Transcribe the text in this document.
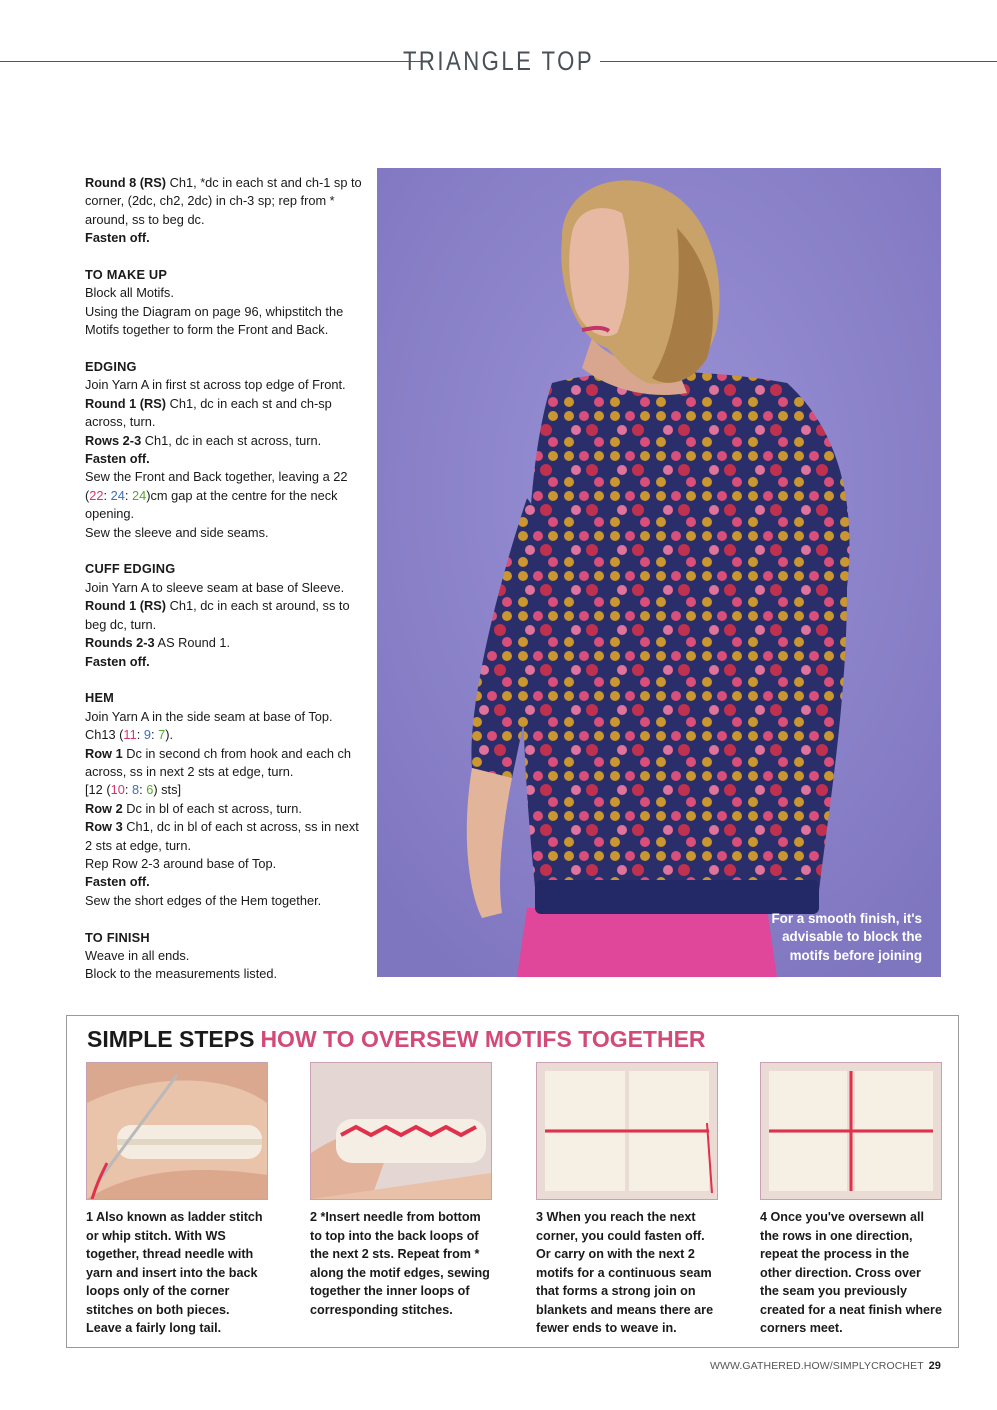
TRIANGLE TOP

Round 8 (RS) Ch1, *dc in each st and ch-1 sp to corner, (2dc, ch2, 2dc) in ch-3 sp; rep from * around, ss to beg dc.

Fasten off.

TO MAKE UP

Block all Motifs.

Using the Diagram on page 96, whipstitch the Motifs together to form the Front and Back.

EDGING

Join Yarn A in first st across top edge of Front.

Round 1 (RS) Ch1, dc in each st and ch-sp across, turn.

Rows 2-3 Ch1, dc in each st across, turn.

Fasten off.

Sew the Front and Back together, leaving a 22 (22: 24: 24)cm gap at the centre for the neck opening.

Sew the sleeve and side seams.

CUFF EDGING

Join Yarn A to sleeve seam at base of Sleeve.

Round 1 (RS) Ch1, dc in each st around, ss to beg dc, turn.

Rounds 2-3 AS Round 1.

Fasten off.

HEM

Join Yarn A in the side seam at base of Top.

Ch13 (11: 9: 7).

Row 1 Dc in second ch from hook and each ch across, ss in next 2 sts at edge, turn.

[12 (10: 8: 6) sts]

Row 2 Dc in bl of each st across, turn.

Row 3 Ch1, dc in bl of each st across, ss in next 2 sts at edge, turn.

Rep Row 2-3 around base of Top.

Fasten off.

Sew the short edges of the Hem together.

TO FINISH

Weave in all ends.

Block to the measurements listed.

For a smooth finish, it's advisable to block the motifs before joining
SIMPLE STEPS HOW TO OVERSEW MOTIFS TOGETHER
1 Also known as ladder stitch or whip stitch. With WS together, thread needle with yarn and insert into the back loops only of the corner stitches on both pieces. Leave a fairly long tail.
2 *Insert needle from bottom to top into the back loops of the next 2 sts. Repeat from * along the motif edges, sewing together the inner loops of corresponding stitches.
3 When you reach the next corner, you could fasten off. Or carry on with the next 2 motifs for a continuous seam that forms a strong join on blankets and means there are fewer ends to weave in.
4 Once you've oversewn all the rows in one direction, repeat the process in the other direction. Cross over the seam you previously created for a neat finish where corners meet.
WWW.GATHERED.HOW/SIMPLYCROCHET 29
